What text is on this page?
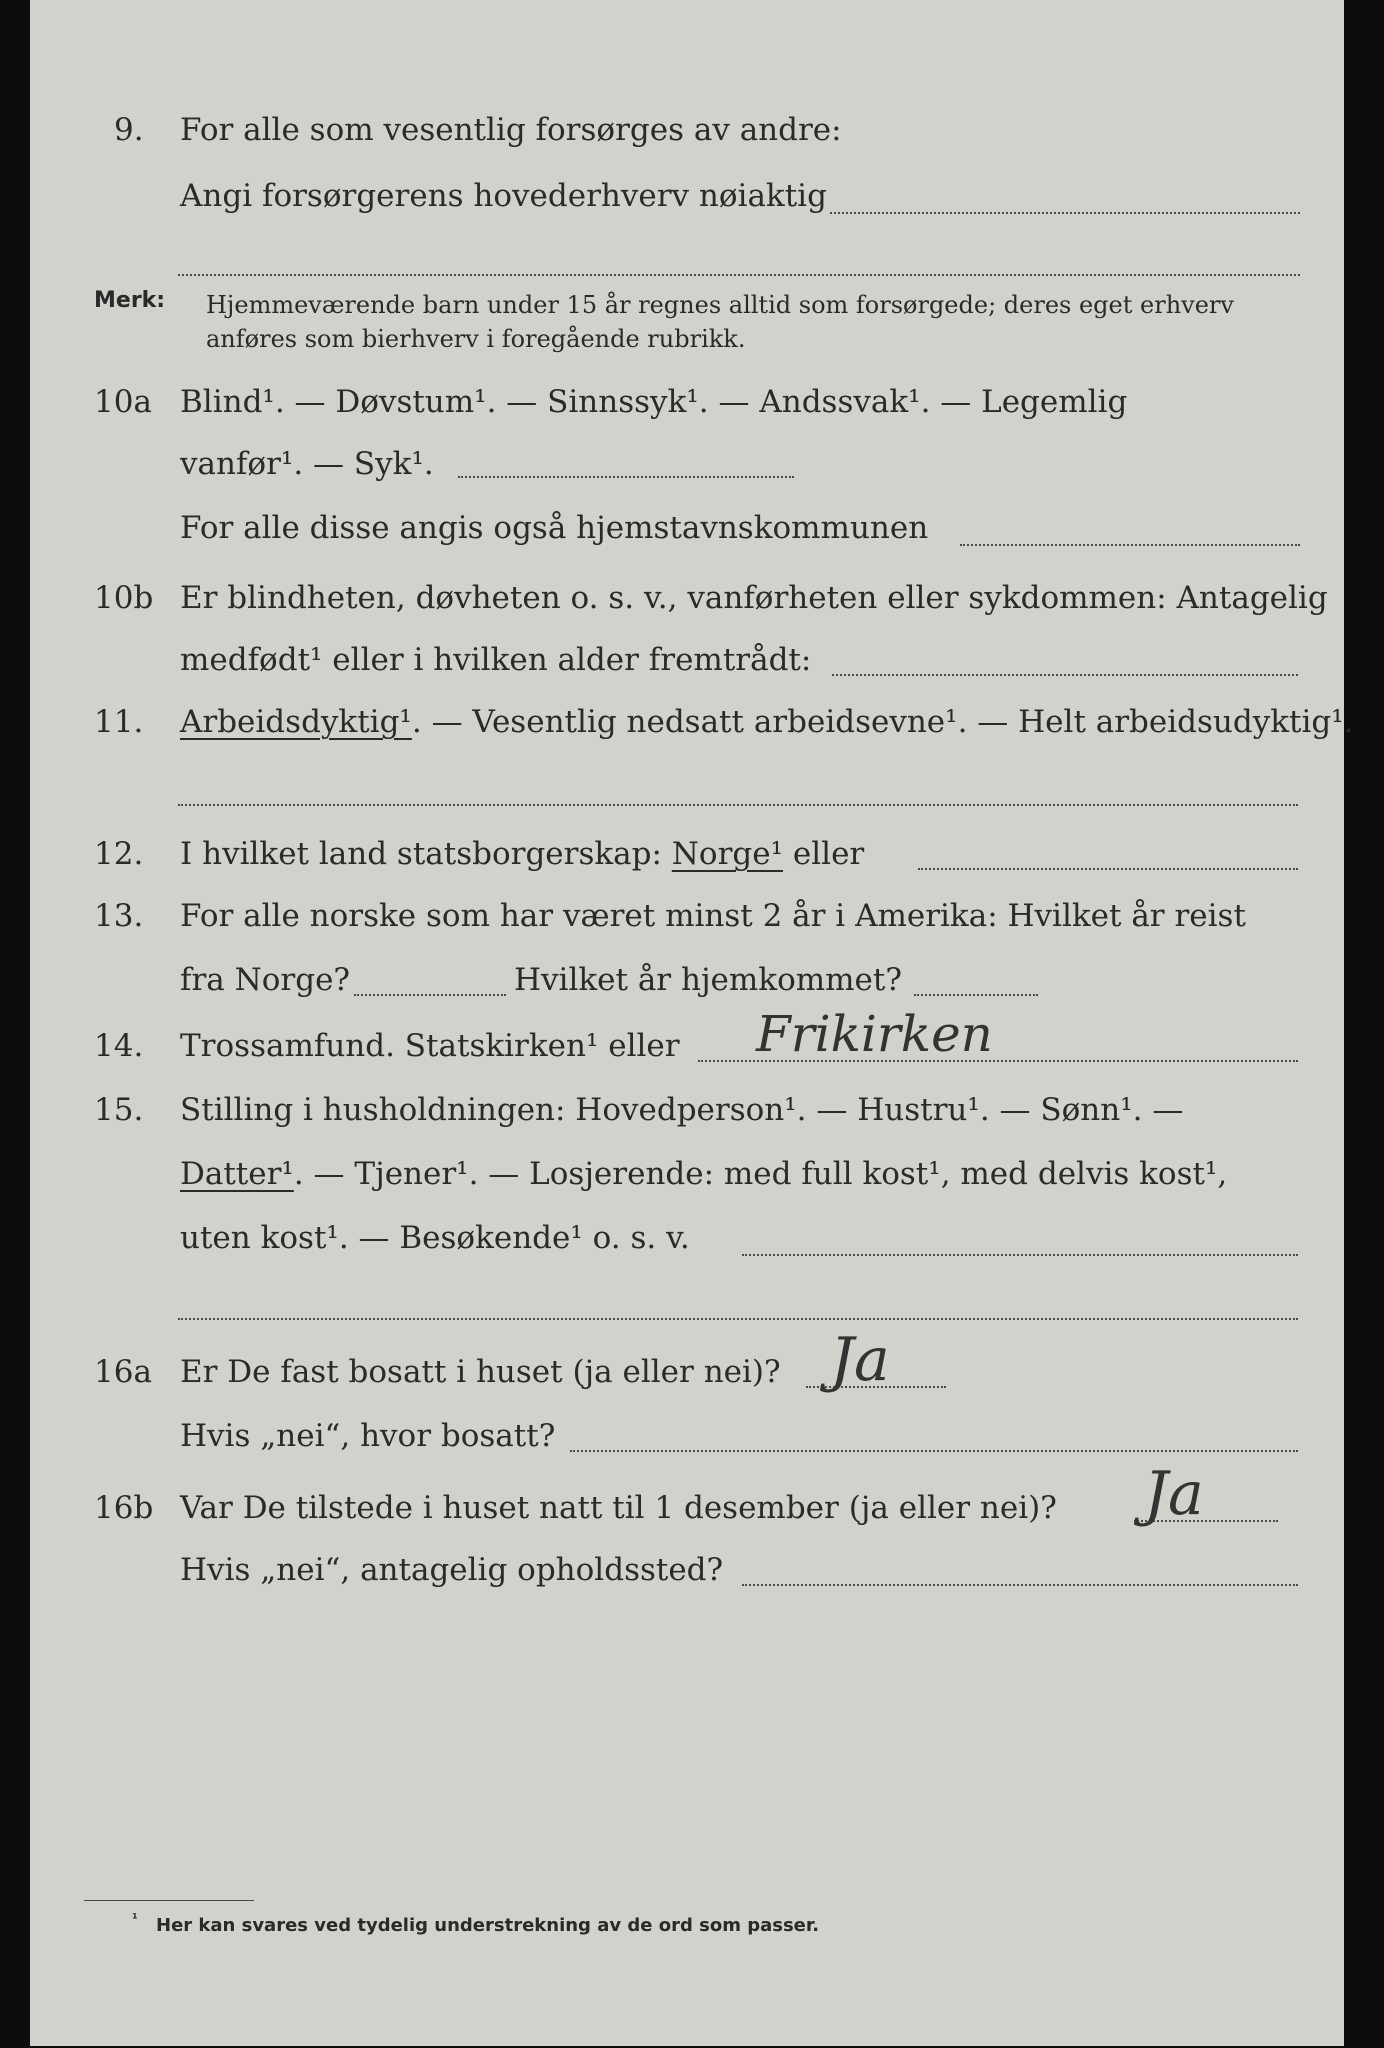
9. For alle som vesentlig forsørges av andre:
Angi forsørgerens hovederhverv nøiaktig
Merk: Hjemmeværende barn under 15 år regnes alltid som forsørgede; deres eget erhverv
anføres som bierhverv i foregående rubrikk.
10a Blind¹. — Døvstum¹. — Sinnssyk¹. — Andssvak¹. — Legemlig
vanfør¹. — Syk¹.
For alle disse angis også hjemstavnskommunen
10b Er blindheten, døvheten o. s. v., vanførheten eller sykdommen: Antagelig
medfødt¹ eller i hvilken alder fremtrådt:
11. Arbeidsdyktig¹. — Vesentlig nedsatt arbeidsevne¹. — Helt arbeidsudyktig¹.
12. I hvilket land statsborgerskap: Norge¹ eller
13. For alle norske som har været minst 2 år i Amerika: Hvilket år reist
fra Norge?	Hvilket år hjemkommet?
14. Trossamfund. Statskirken¹ eller Frikirken
15. Stilling i husholdningen: Hovedperson¹. — Hustru¹. — Sønn¹. —
Datter¹. — Tjener¹. — Losjerende: med full kost¹, med delvis kost¹,
uten kost¹. — Besøkende¹ o. s. v.
16a Er De fast bosatt i huset (ja eller nei)? Ja
Hvis „nei“, hvor bosatt?
16b Var De tilstede i huset natt til 1 desember (ja eller nei)? Ja
Hvis „nei“, antagelig opholdssted?
¹ Her kan svares ved tydelig understrekning av de ord som passer.
